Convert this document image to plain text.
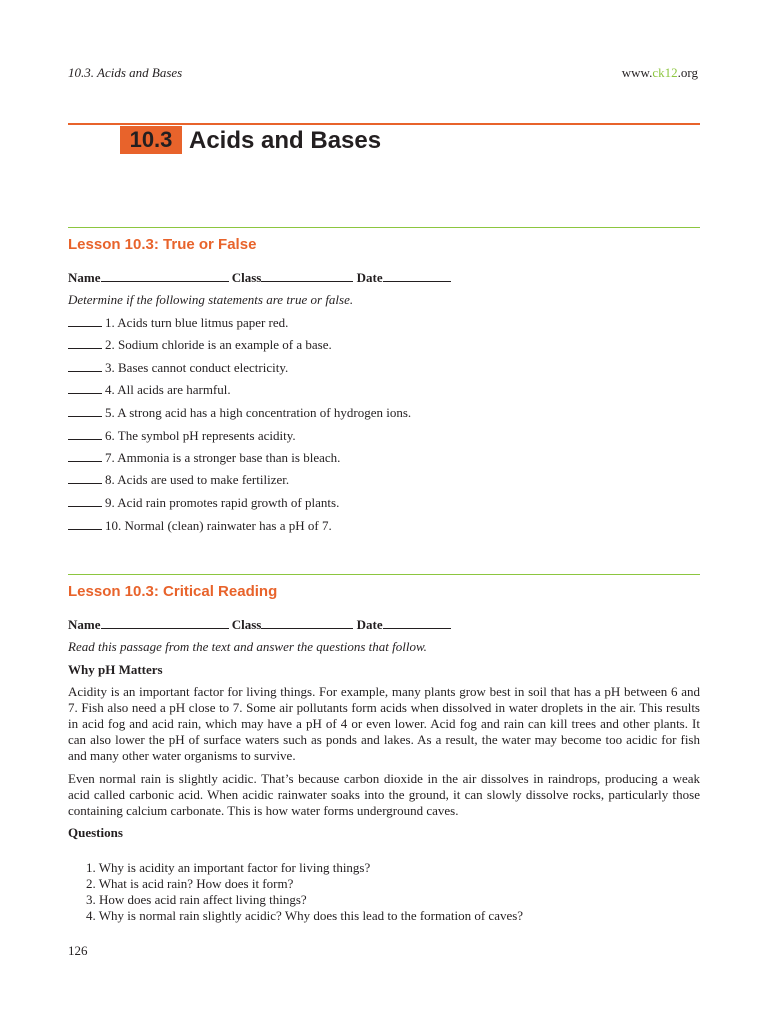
10.3. Acids and Bases	www.ck12.org
10.3 Acids and Bases
Lesson 10.3: True or False
Name	Class	Date
Determine if the following statements are true or false.
1. Acids turn blue litmus paper red.
2. Sodium chloride is an example of a base.
3. Bases cannot conduct electricity.
4. All acids are harmful.
5. A strong acid has a high concentration of hydrogen ions.
6. The symbol pH represents acidity.
7. Ammonia is a stronger base than is bleach.
8. Acids are used to make fertilizer.
9. Acid rain promotes rapid growth of plants.
10. Normal (clean) rainwater has a pH of 7.
Lesson 10.3: Critical Reading
Name	Class	Date
Read this passage from the text and answer the questions that follow.
Why pH Matters
Acidity is an important factor for living things. For example, many plants grow best in soil that has a pH between 6 and 7. Fish also need a pH close to 7. Some air pollutants form acids when dissolved in water droplets in the air. This results in acid fog and acid rain, which may have a pH of 4 or even lower. Acid fog and rain can kill trees and other plants. It can also lower the pH of surface waters such as ponds and lakes. As a result, the water may become too acidic for fish and many other water organisms to survive.
Even normal rain is slightly acidic. That’s because carbon dioxide in the air dissolves in raindrops, producing a weak acid called carbonic acid. When acidic rainwater soaks into the ground, it can slowly dissolve rocks, particularly those containing calcium carbonate. This is how water forms underground caves.
Questions
1. Why is acidity an important factor for living things?
2. What is acid rain? How does it form?
3. How does acid rain affect living things?
4. Why is normal rain slightly acidic? Why does this lead to the formation of caves?
126
